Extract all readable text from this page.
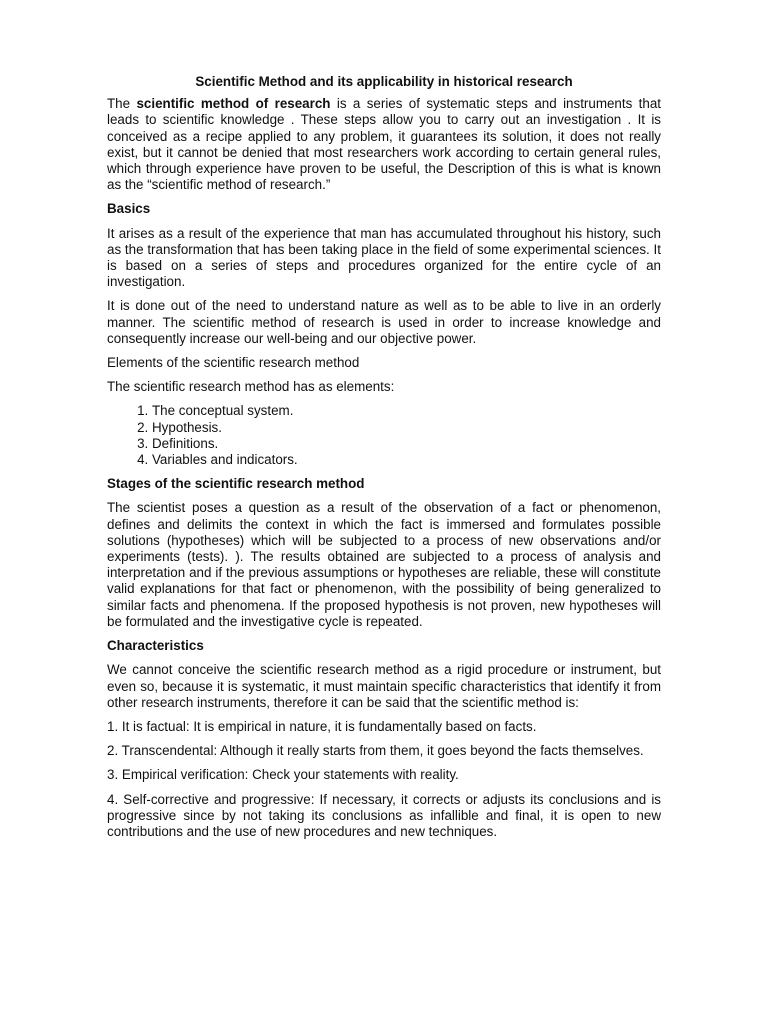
Scientific Method and its applicability in historical research

The scientific method of research is a series of systematic steps and instruments that leads to scientific knowledge . These steps allow you to carry out an investigation . It is conceived as a recipe applied to any problem, it guarantees its solution, it does not really exist, but it cannot be denied that most researchers work according to certain general rules, which through experience have proven to be useful, the Description of this is what is known as the “scientific method of research.”

Basics

It arises as a result of the experience that man has accumulated throughout his history, such as the transformation that has been taking place in the field of some experimental sciences. It is based on a series of steps and procedures organized for the entire cycle of an investigation.

It is done out of the need to understand nature as well as to be able to live in an orderly manner. The scientific method of research is used in order to increase knowledge and consequently increase our well-being and our objective power.

Elements of the scientific research method

The scientific research method has as elements:

1. The conceptual system.
2. Hypothesis.
3. Definitions.
4. Variables and indicators.

Stages of the scientific research method

The scientist poses a question as a result of the observation of a fact or phenomenon, defines and delimits the context in which the fact is immersed and formulates possible solutions (hypotheses) which will be subjected to a process of new observations and/or experiments (tests). ). The results obtained are subjected to a process of analysis and interpretation and if the previous assumptions or hypotheses are reliable, these will constitute valid explanations for that fact or phenomenon, with the possibility of being generalized to similar facts and phenomena. If the proposed hypothesis is not proven, new hypotheses will be formulated and the investigative cycle is repeated.

Characteristics

We cannot conceive the scientific research method as a rigid procedure or instrument, but even so, because it is systematic, it must maintain specific characteristics that identify it from other research instruments, therefore it can be said that the scientific method is:

1. It is factual: It is empirical in nature, it is fundamentally based on facts.

2. Transcendental: Although it really starts from them, it goes beyond the facts themselves.

3. Empirical verification: Check your statements with reality.

4. Self-corrective and progressive: If necessary, it corrects or adjusts its conclusions and is progressive since by not taking its conclusions as infallible and final, it is open to new contributions and the use of new procedures and new techniques.
